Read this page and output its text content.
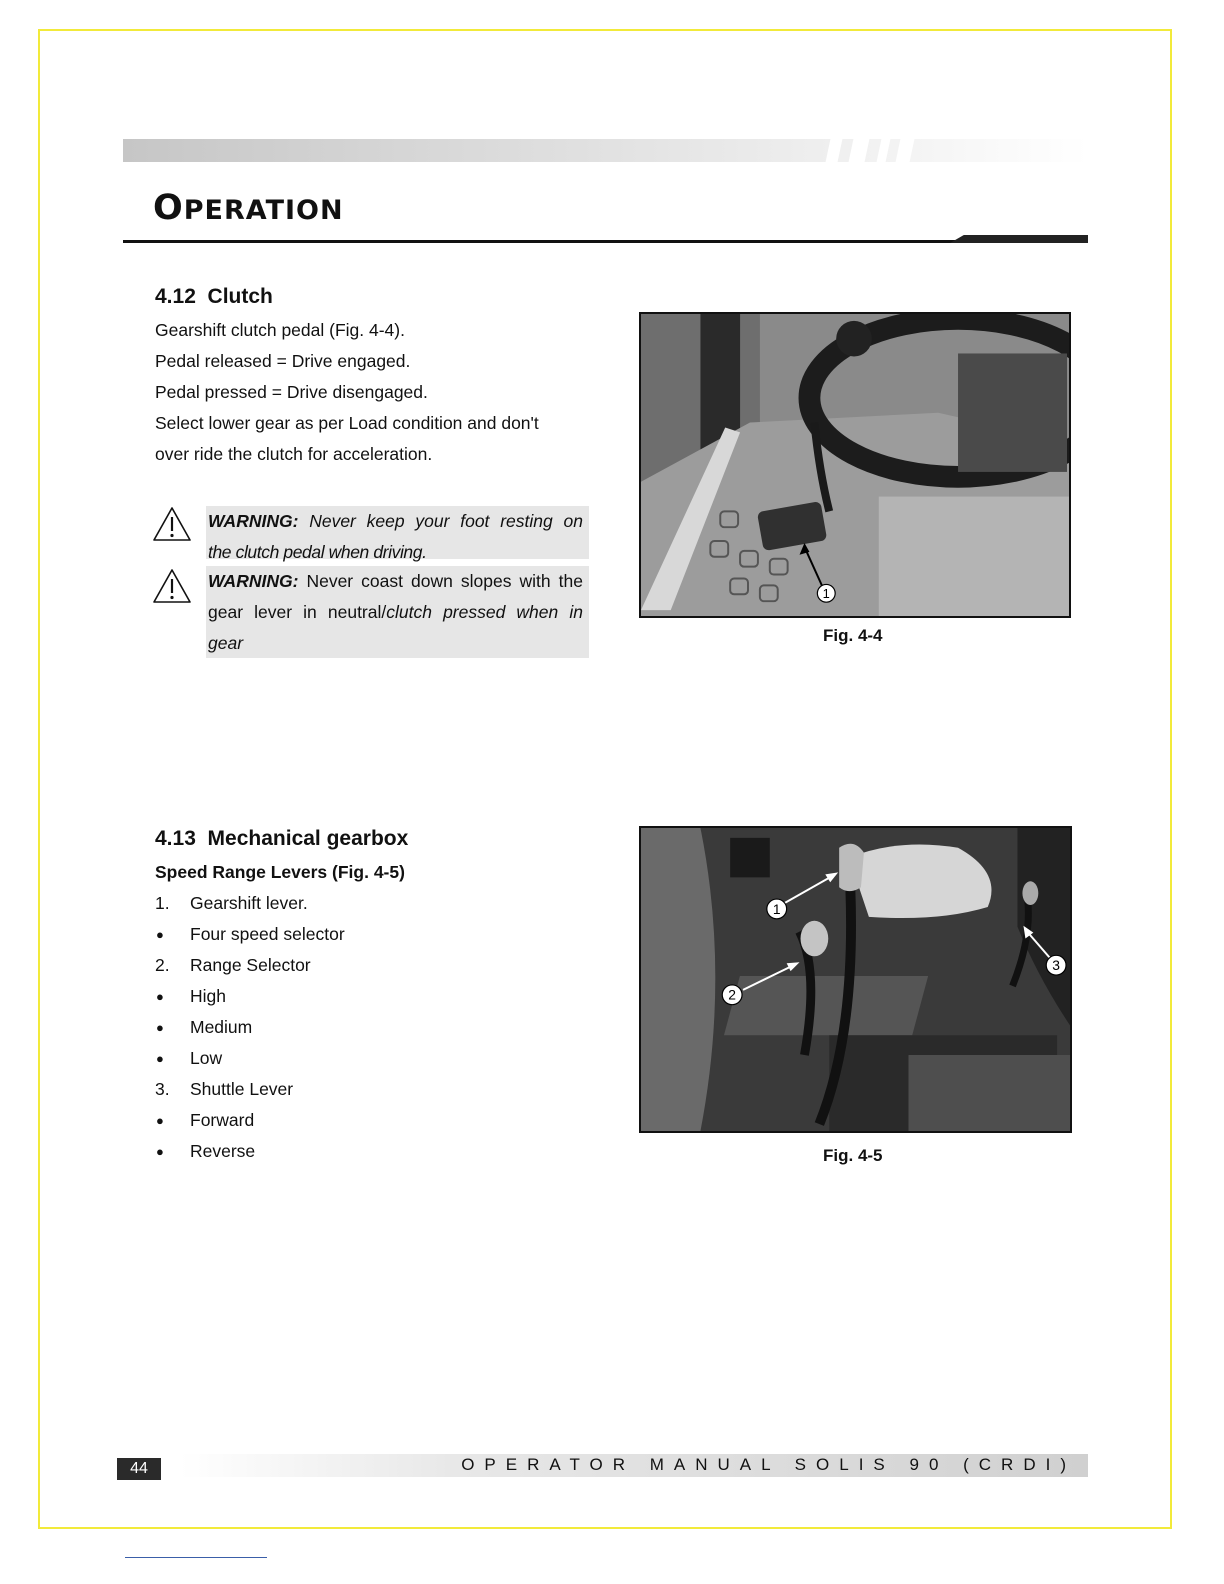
OPERATION
4.12 Clutch

Gearshift clutch pedal (Fig. 4-4).

Pedal released = Drive engaged.

Pedal pressed = Drive disengaged.

Select lower gear as per Load condition and don't

over ride the clutch for acceleration.

WARNING: Never keep your foot resting on
the clutch pedal when driving.
WARNING: Never coast down slopes with the
gear lever in neutral/clutch pressed when in
gear
1

Fig. 4-4

4.13 Mechanical gearbox

Speed Range Levers (Fig. 4-5)

1. Gearshift lever.
● Four speed selector
2. Range Selector
● High
● Medium
● Low
3. Shuttle Lever
● Forward
● Reverse
1
2
3

Fig. 4-5

44	OPERATOR MANUAL SOLIS 90 (CRDI)
